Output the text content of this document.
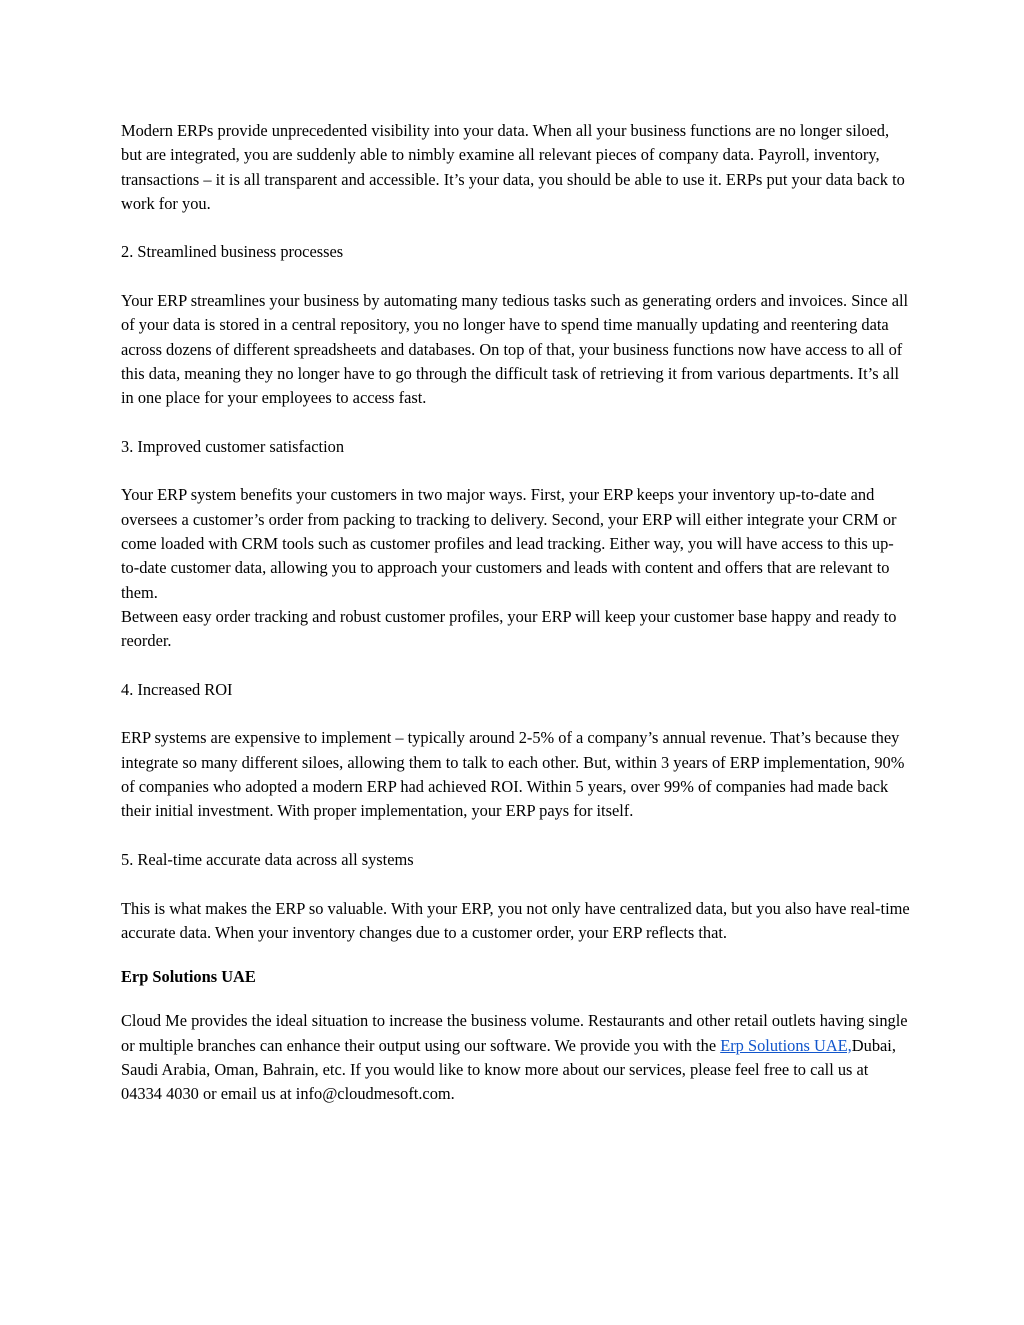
Modern ERPs provide unprecedented visibility into your data. When all your business functions are no longer siloed, but are integrated, you are suddenly able to nimbly examine all relevant pieces of company data. Payroll, inventory, transactions – it is all transparent and accessible. It’s your data, you should be able to use it. ERPs put your data back to work for you.

2. Streamlined business processes

Your ERP streamlines your business by automating many tedious tasks such as generating orders and invoices. Since all of your data is stored in a central repository, you no longer have to spend time manually updating and reentering data across dozens of different spreadsheets and databases. On top of that, your business functions now have access to all of this data, meaning they no longer have to go through the difficult task of retrieving it from various departments. It’s all in one place for your employees to access fast.

3. Improved customer satisfaction

Your ERP system benefits your customers in two major ways. First, your ERP keeps your inventory up-to-date and oversees a customer’s order from packing to tracking to delivery. Second, your ERP will either integrate your CRM or come loaded with CRM tools such as customer profiles and lead tracking. Either way, you will have access to this up-to-date customer data, allowing you to approach your customers and leads with content and offers that are relevant to them.

Between easy order tracking and robust customer profiles, your ERP will keep your customer base happy and ready to reorder.

4. Increased ROI

ERP systems are expensive to implement – typically around 2-5% of a company’s annual revenue. That’s because they integrate so many different siloes, allowing them to talk to each other. But, within 3 years of ERP implementation, 90% of companies who adopted a modern ERP had achieved ROI. Within 5 years, over 99% of companies had made back their initial investment. With proper implementation, your ERP pays for itself.

5. Real-time accurate data across all systems

This is what makes the ERP so valuable. With your ERP, you not only have centralized data, but you also have real-time accurate data. When your inventory changes due to a customer order, your ERP reflects that.

Erp Solutions UAE

Cloud Me provides the ideal situation to increase the business volume. Restaurants and other retail outlets having single or multiple branches can enhance their output using our software. We provide you with the Erp Solutions UAE,Dubai, Saudi Arabia, Oman, Bahrain, etc. If you would like to know more about our services, please feel free to call us at 04334 4030 or email us at info@cloudmesoft.com.
